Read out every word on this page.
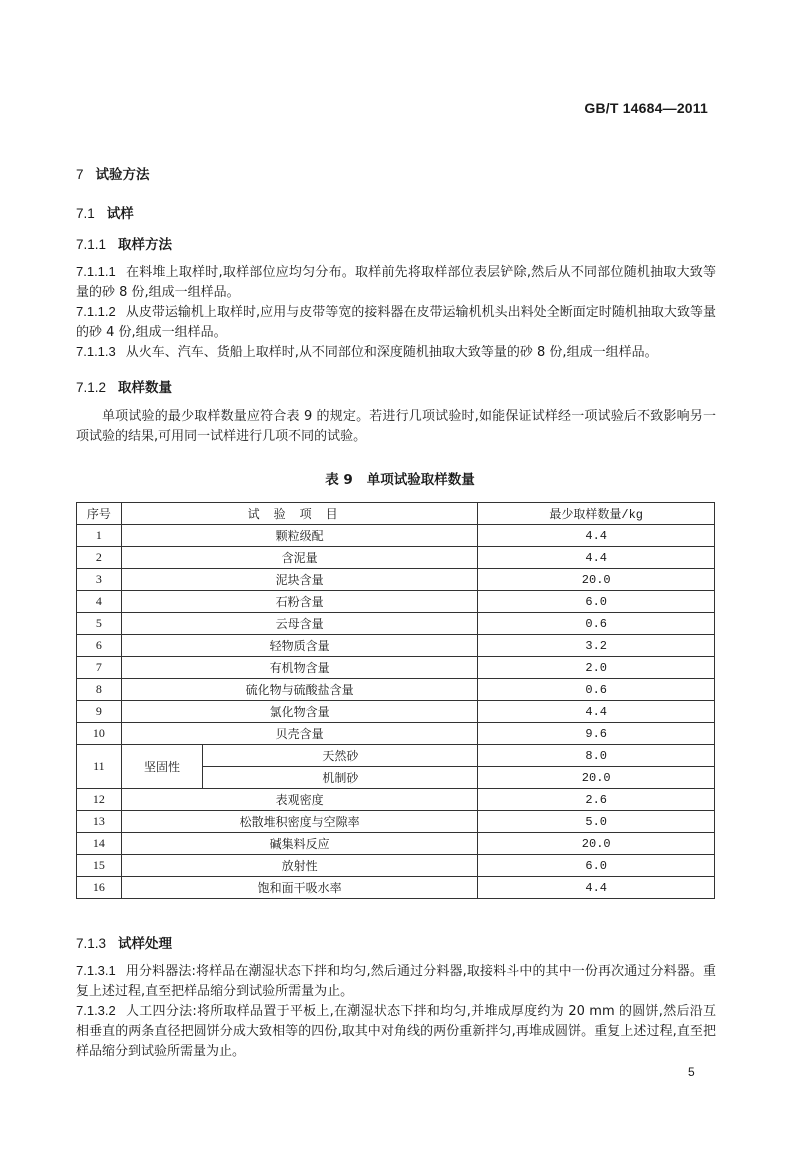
GB/T 14684—2011
7 试验方法
7.1 试样
7.1.1 取样方法
7.1.1.1 在料堆上取样时,取样部位应均匀分布。取样前先将取样部位表层铲除,然后从不同部位随机抽取大致等量的砂 8 份,组成一组样品。
7.1.1.2 从皮带运输机上取样时,应用与皮带等宽的接料器在皮带运输机机头出料处全断面定时随机抽取大致等量的砂 4 份,组成一组样品。
7.1.1.3 从火车、汽车、货船上取样时,从不同部位和深度随机抽取大致等量的砂 8 份,组成一组样品。
7.1.2 取样数量
单项试验的最少取样数量应符合表 9 的规定。若进行几项试验时,如能保证试样经一项试验后不致影响另一项试验的结果,可用同一试样进行几项不同的试验。
表 9 单项试验取样数量
序号	试验项目		最少取样数量/kg
1	颗粒级配		4.4
2	含泥量		4.4
3	泥块含量		20.0
4	石粉含量		6.0
5	云母含量		0.6
6	轻物质含量		3.2
7	有机物含量		2.0
8	硫化物与硫酸盐含量		0.6
9	氯化物含量		4.4
10	贝壳含量		9.6
11	坚固性	天然砂	8.0
		机制砂	20.0
12	表观密度		2.6
13	松散堆积密度与空隙率		5.0
14	碱集料反应		20.0
15	放射性		6.0
16	饱和面干吸水率		4.4
7.1.3 试样处理
7.1.3.1 用分料器法:将样品在潮湿状态下拌和均匀,然后通过分料器,取接料斗中的其中一份再次通过分料器。重复上述过程,直至把样品缩分到试验所需量为止。
7.1.3.2 人工四分法:将所取样品置于平板上,在潮湿状态下拌和均匀,并堆成厚度约为 20 mm 的圆饼,然后沿互相垂直的两条直径把圆饼分成大致相等的四份,取其中对角线的两份重新拌匀,再堆成圆饼。重复上述过程,直至把样品缩分到试验所需量为止。
5
